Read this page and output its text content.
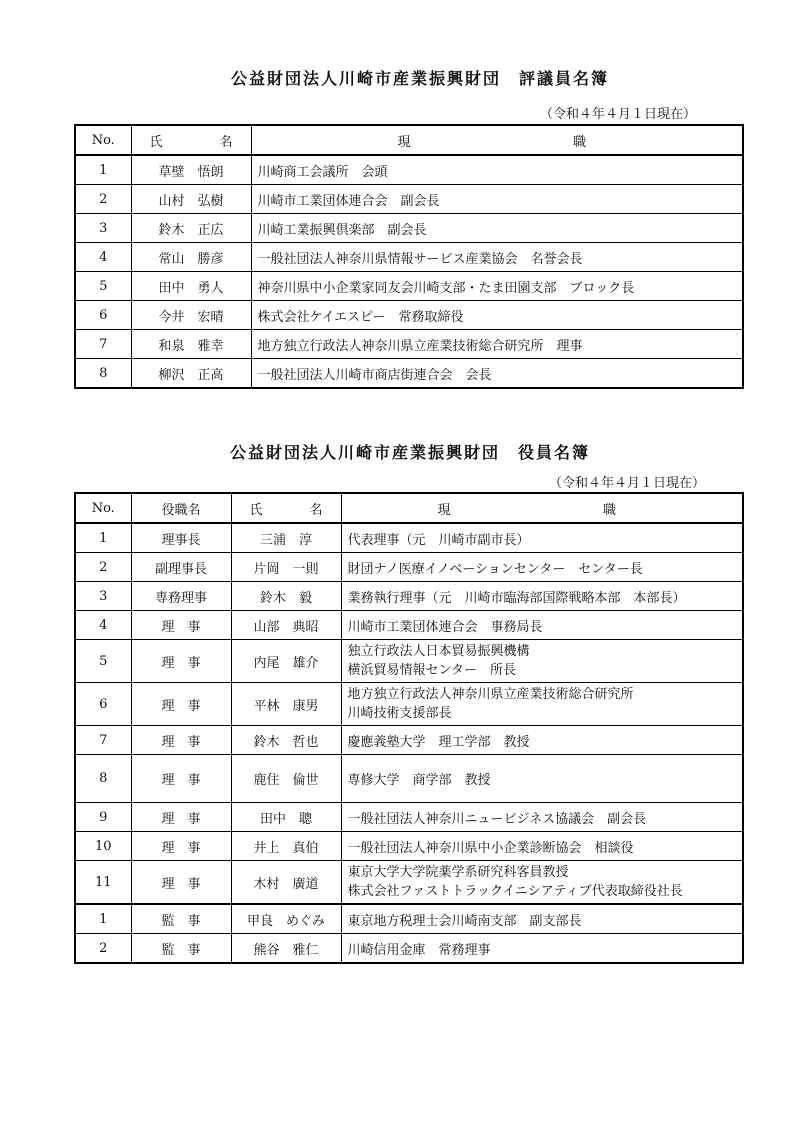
公益財団法人川崎市産業振興財団　評議員名簿
（令和４年４月１日現在）
No.	氏 名	現 職

1	草壁　悟朗	川崎商工会議所　会頭
2	山村　弘樹	川崎市工業団体連合会　副会長
3	鈴木　正広	川崎工業振興倶楽部　副会長
4	常山　勝彦	一般社団法人神奈川県情報サービス産業協会　名誉会長
5	田中　勇人	神奈川県中小企業家同友会川崎支部・たま田園支部　ブロック長
6	今井　宏晴	株式会社ケイエスピー　常務取締役
7	和泉　雅幸	地方独立行政法人神奈川県立産業技術総合研究所　理事
8	柳沢　正高	一般社団法人川崎市商店街連合会　会長
公益財団法人川崎市産業振興財団　役員名簿
（令和４年４月１日現在）
No.	役職名	氏 名	現 職

1	理事長	三浦　淳	代表理事（元　川崎市副市長）
2	副理事長	片岡　一則	財団ナノ医療イノベーションセンター　センター長
3	専務理事	鈴木　毅	業務執行理事（元　川崎市臨海部国際戦略本部　本部長）
4	理 事	山部　典昭	川崎市工業団体連合会　事務局長
5	理 事	内尾　雄介	独立行政法人日本貿易振興機構
横浜貿易情報センター　所長

6	理 事	平林　康男	地方独立行政法人神奈川県立産業技術総合研究所
川崎技術支援部長

7	理 事	鈴木　哲也	慶應義塾大学　理工学部　教授
8	理 事	鹿住　倫世	専修大学　商学部　教授
9	理 事	田中　聰	一般社団法人神奈川ニュービジネス協議会　副会長
10	理 事	井上　真伯	一般社団法人神奈川県中小企業診断協会　相談役
11	理 事	木村　廣道	東京大学大学院薬学系研究科客員教授
株式会社ファストトラックイニシアティブ代表取締役社長

1	監 事	甲良　めぐみ	東京地方税理士会川崎南支部　副支部長
2	監 事	熊谷　雅仁	川崎信用金庫　常務理事
